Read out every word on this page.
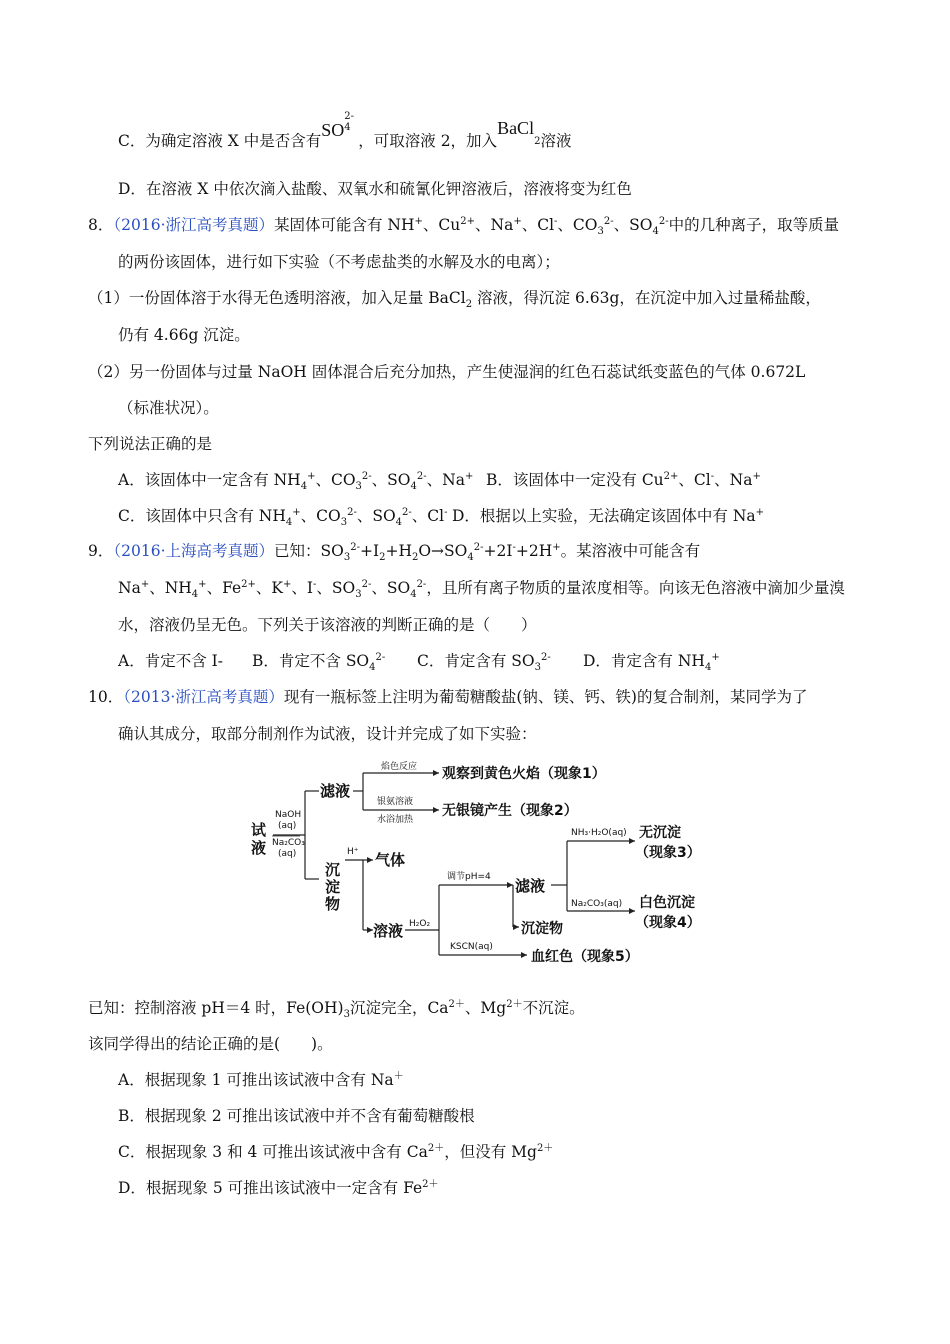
C．为确定溶液 X 中是否含有SO
2-
4
，可取溶液 2，加入BaCl$_2$溶液
D．在溶液 X 中依次滴入盐酸、双氧水和硫氰化钾溶液后，溶液将变为红色
8．（2016·浙江高考真题）某固体可能含有 NH+、$Cu^{2+}$、Na+、Cl-、$CO_3^{2-}$、$SO_4^{2-}$中的几种离子，取等质量
的两份该固体，进行如下实验（不考虑盐类的水解及水的电离）；
（1）一份固体溶于水得无色透明溶液，加入足量 BaCl$_2$ 溶液，得沉淀 6.63g，在沉淀中加入过量稀盐酸，
仍有 4.66g 沉淀。
（2）另一份固体与过量 NaOH 固体混合后充分加热，产生使湿润的红色石蕊试纸变蓝色的气体 0.672L
（标准状况）。
下列说法正确的是
A．该固体中一定含有 $NH_4^+$、$CO_3^{2-}$、$SO_4^{2-}$、Na+ B．该固体中一定没有 $Cu^{2+}$、Cl-、Na+
C．该固体中只含有 $NH_4^+$、$CO_3^{2-}$、$SO_4^{2-}$、Cl- D．根据以上实验，无法确定该固体中有 Na+
9．（2016·上海高考真题）已知：$SO_3^{2-}+I_2+H_2O\to SO_4^{2-}+2I^-+2H^+$。某溶液中可能含有
Na+、$NH_4^+$、$Fe^{2+}$、K+、I-、$SO_3^{2-}$、$SO_4^{2-}$，且所有离子物质的量浓度相等。向该无色溶液中滴加少量溴
水，溶液仍呈无色。下列关于该溶液的判断正确的是（　　）
A．肯定不含 I- B．肯定不含 $SO_4^{2-}$ C．肯定含有 $SO_3^{2-}$ D．肯定含有 $NH_4^+$
10．（2013·浙江高考真题）现有一瓶标签上注明为葡萄糖酸盐(钠、镁、钙、铁)的复合制剂，某同学为了
确认其成分，取部分制剂作为试液，设计并完成了如下实验：
试
液
滤液
沉
淀
物
气体
溶液
滤液
观察到黄色火焰（现象1）
无银镜产生（现象2）
沉淀物
血红色（现象5）
无沉淀
（现象3）
白色沉淀
（现象4）
NaOH
(aq)
Na₂CO₃
(aq)
焰色反应
银氨溶液
水浴加热
H⁺
H₂O₂
调节pH=4
KSCN(aq)
NH₃·H₂O(aq)
Na₂CO₃(aq)
已知：控制溶液 pH＝4 时，$Fe(OH)_3$沉淀完全，$Ca^{2+}$、$Mg^{2+}$不沉淀。
该同学得出的结论正确的是(　　)。
A．根据现象 1 可推出该试液中含有 Na＋
B．根据现象 2 可推出该试液中并不含有葡萄糖酸根
C．根据现象 3 和 4 可推出该试液中含有 $Ca^{2+}$，但没有 $Mg^{2+}$
D．根据现象 5 可推出该试液中一定含有 $Fe^{2+}$
